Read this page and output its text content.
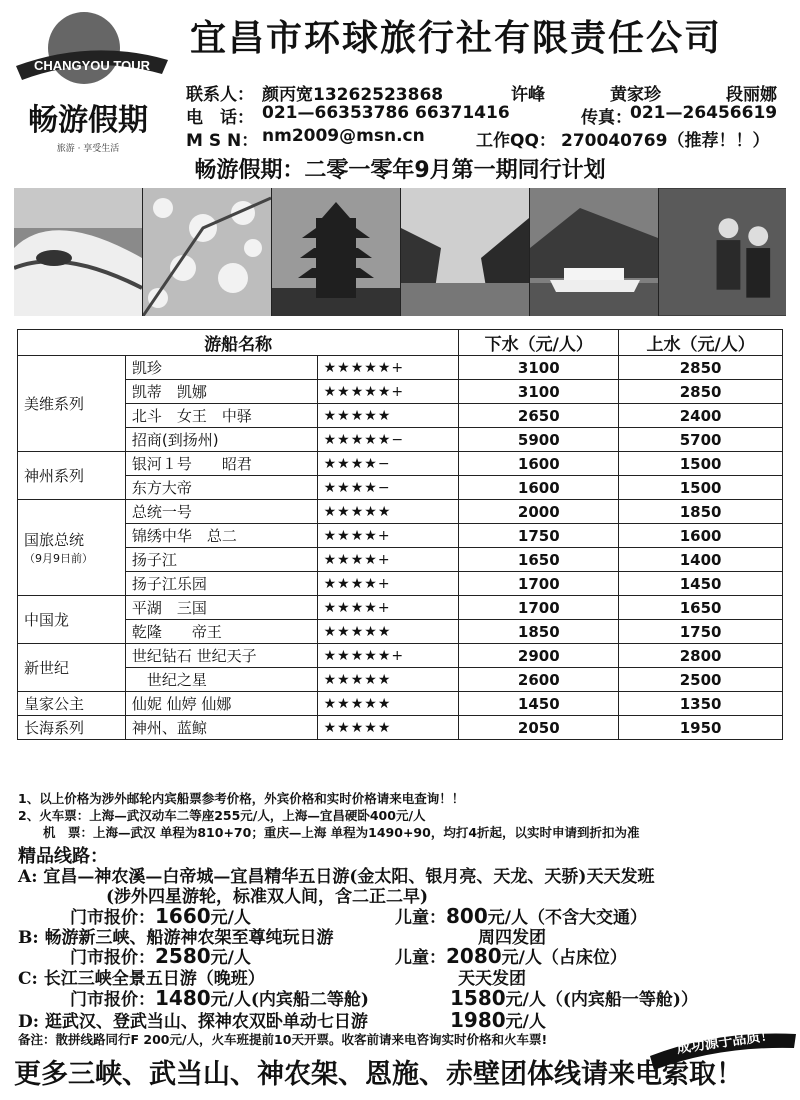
CHANGYOU TOUR
畅游假期
旅游 · 享受生活
宜昌市环球旅行社有限责任公司
联系人： 颜丙宽13262523868	许峰	黄家珍	段丽娜
电　话： 021—66353786 66371416	传真：
021—26456619
M S N： nm2009@msn.cn	工作QQ： 270040769（推荐！！）
畅游假期：二零一零年9月第一期同行计划
游船名称			下水（元/人）	上水（元/人）
美维系列	凯珍	★★★★★+	3100	2850
	凯蒂　凯娜	★★★★★+	3100	2850
	北斗　女王　中驿	★★★★★	2650	2400
	招商(到扬州)	★★★★★−	5900	5700
神州系列	银河１号　　昭君	★★★★−	1600	1500
	东方大帝	★★★★−	1600	1500
国旅总统
（9月9日前）	总统一号	★★★★★	2000	1850
	锦绣中华　总二	★★★★+	1750	1600
	扬子江	★★★★+	1650	1400
	扬子江乐园	★★★★+	1700	1450
中国龙	平湖　三国	★★★★+	1700	1650
	乾隆　　帝王	★★★★★	1850	1750
新世纪	世纪钻石 世纪天子	★★★★★+	2900	2800
	　世纪之星	★★★★★	2600	2500
皇家公主	仙妮 仙婷 仙娜	★★★★★	1450	1350
长海系列	神州、蓝鲸	★★★★★	2050	1950
1、以上价格为涉外邮轮内宾船票参考价格，外宾价格和实时价格请来电查询！！
2、火车票：上海—武汉动车二等座255元/人，上海—宜昌硬卧400元/人
　　机　票：上海—武汉 单程为810+70；重庆—上海 单程为1490+90，均打4折起，以实时申请到折扣为准
精品线路：
A: 宜昌—神农溪—白帝城—宜昌精华五日游(金太阳、银月亮、天龙、天骄)天天发班
(涉外四星游轮，标准双人间，含二正二早)
门市报价：1660元/人	儿童：800元/人（不含大交通）
B: 畅游新三峡、船游神农架至尊纯玩日游	周四发团
门市报价：2580元/人	儿童：2080元/人（占床位）
C: 长江三峡全景五日游（晚班）	天天发团
门市报价：1480元/人(内宾船二等舱)	1580元/人（(内宾船一等舱)）
D: 逛武汉、登武当山、探神农双卧单动七日游	1980元/人
备注：散拼线路同行F 200元/人，火车班提前10天开票。收客前请来电咨询实时价格和火车票!
更多三峡、武当山、神农架、恩施、赤壁团体线请来电索取！
成功源于品质！
